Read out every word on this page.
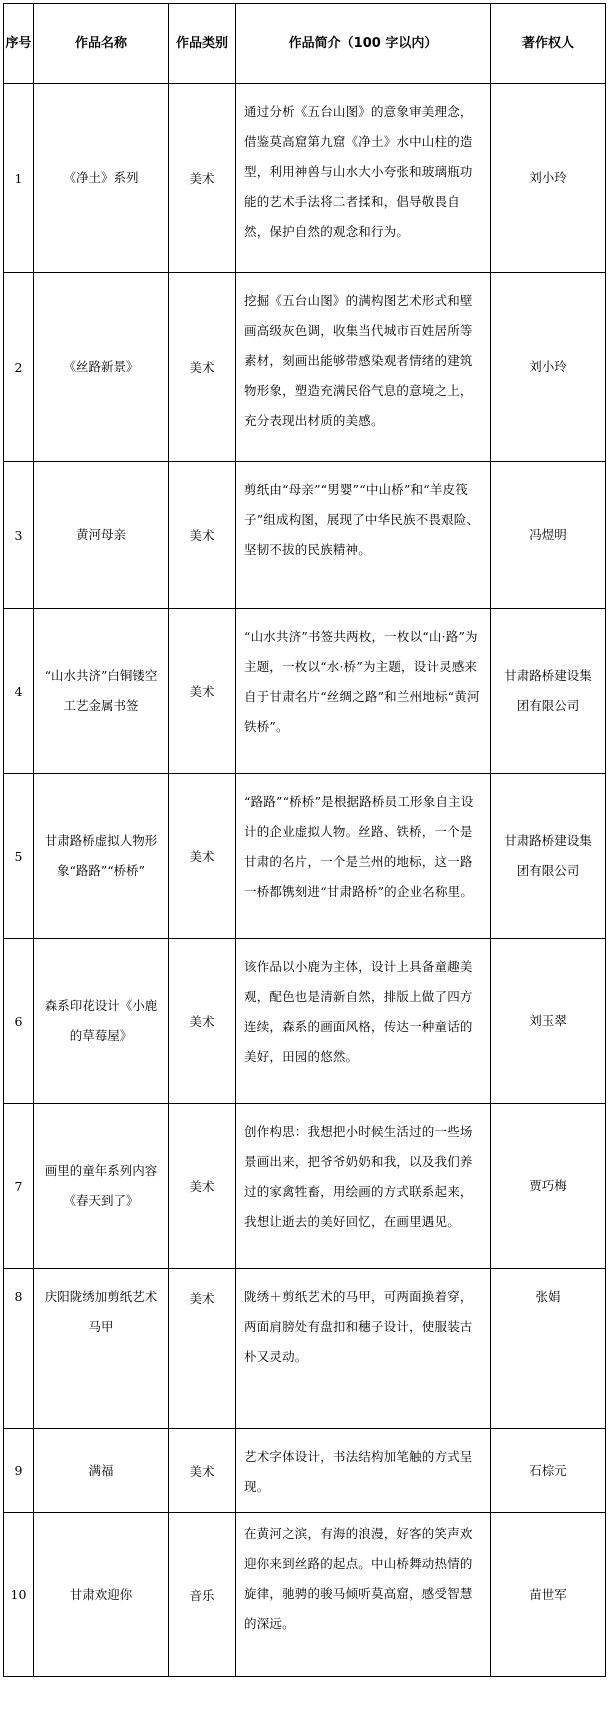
序号	作品名称	作品类别	作品简介（100 字以内）	著作权人
1	《净土》系列	美术	通过分析《五台山图》的意象审美理念，借鉴莫高窟第九窟《净土》水中山柱的造型，利用神兽与山水大小夸张和玻璃瓶功能的艺术手法将二者揉和，倡导敬畏自然，保护自然的观念和行为。	刘小玲
2	《丝路新景》	美术	挖掘《五台山图》的满构图艺术形式和壁画高级灰色调，收集当代城市百姓居所等素材，刻画出能够带感染观者情绪的建筑物形象，塑造充满民俗气息的意境之上，充分表现出材质的美感。	刘小玲
3	黄河母亲	美术	剪纸由“母亲”“男婴”“中山桥”和“羊皮筏子”组成构图，展现了中华民族不畏艰险、坚韧不拔的民族精神。	冯煜明
4	“山水共济”白铜镂空工艺金属书签	美术	“山水共济”书签共两枚，一枚以“山·路”为主题，一枚以“水·桥”为主题，设计灵感来自于甘肃名片“丝绸之路”和兰州地标“黄河铁桥”。	甘肃路桥建设集团有限公司
5	甘肃路桥虚拟人物形象“路路”“桥桥”	美术	“路路”“桥桥”是根据路桥员工形象自主设计的企业虚拟人物。丝路、铁桥，一个是甘肃的名片，一个是兰州的地标，这一路一桥都镌刻进“甘肃路桥”的企业名称里。	甘肃路桥建设集团有限公司
6	森系印花设计《小鹿的草莓屋》	美术	该作品以小鹿为主体，设计上具备童趣美观，配色也是清新自然，排版上做了四方连续，森系的画面风格，传达一种童话的美好，田园的悠然。	刘玉翠
7	画里的童年系列内容《春天到了》	美术	创作构思：我想把小时候生活过的一些场景画出来，把爷爷奶奶和我，以及我们养过的家禽牲畜，用绘画的方式联系起来，我想让逝去的美好回忆，在画里遇见。	贾巧梅
8	庆阳陇绣加剪纸艺术马甲	美术	陇绣＋剪纸艺术的马甲，可两面换着穿，两面肩膀处有盘扣和穗子设计，使服装古朴又灵动。	张娟
9	满福	美术	艺术字体设计，书法结构加笔触的方式呈现。	石棕元
10	甘肃欢迎你	音乐	在黄河之滨，有海的浪漫，好客的笑声欢迎你来到丝路的起点。中山桥舞动热情的旋律，驰骋的骏马倾听莫高窟，感受智慧的深远。	苗世军
